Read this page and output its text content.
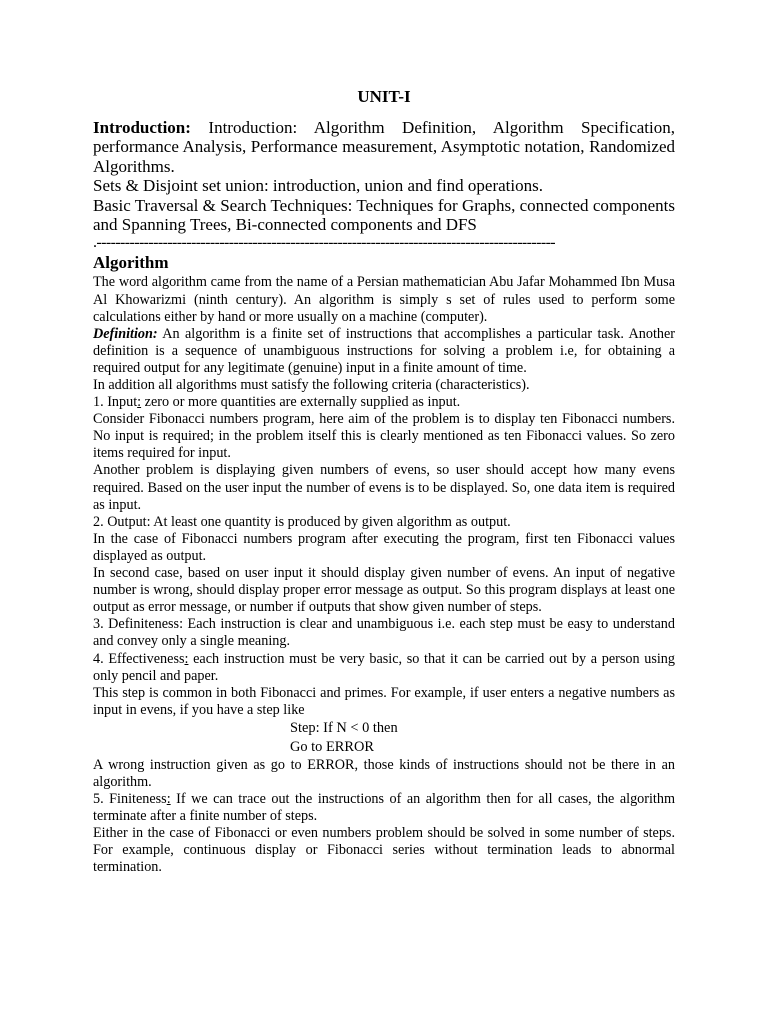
UNIT-I

Introduction: Introduction: Algorithm Definition, Algorithm Specification, performance Analysis, Performance measurement, Asymptotic notation, Randomized Algorithms.

Sets & Disjoint set union: introduction, union and find operations.

Basic Traversal & Search Techniques: Techniques for Graphs, connected components and Spanning Trees, Bi-connected components and DFS

.-------------------------------------------------------------------------------------------------
Algorithm

The word algorithm came from the name of a Persian mathematician Abu Jafar Mohammed Ibn Musa Al Khowarizmi (ninth century). An algorithm is simply s set of rules used to perform some calculations either by hand or more usually on a machine (computer).

Definition: An algorithm is a finite set of instructions that accomplishes a particular task. Another definition is a sequence of unambiguous instructions for solving a problem i.e, for obtaining a required output for any legitimate (genuine) input in a finite amount of time.

In addition all algorithms must satisfy the following criteria (characteristics).

1. Input: zero or more quantities are externally supplied as input.

Consider Fibonacci numbers program, here aim of the problem is to display ten Fibonacci numbers. No input is required; in the problem itself this is clearly mentioned as ten Fibonacci values. So zero items required for input.

Another problem is displaying given numbers of evens, so user should accept how many evens required. Based on the user input the number of evens is to be displayed. So, one data item is required as input.

2. Output: At least one quantity is produced by given algorithm as output.

In the case of Fibonacci numbers program after executing the program, first ten Fibonacci values displayed as output.

In second case, based on user input it should display given number of evens. An input of negative number is wrong, should display proper error message as output. So this program displays at least one output as error message, or number if outputs that show given number of steps.

3. Definiteness: Each instruction is clear and unambiguous i.e. each step must be easy to understand and convey only a single meaning.

4. Effectiveness: each instruction must be very basic, so that it can be carried out by a person using only pencil and paper.

This step is common in both Fibonacci and primes. For example, if user enters a negative numbers as input in evens, if you have a step like

Step: If N < 0 then

Go to ERROR

A wrong instruction given as go to ERROR, those kinds of instructions should not be there in an algorithm.

5. Finiteness: If we can trace out the instructions of an algorithm then for all cases, the algorithm terminate after a finite number of steps.

Either in the case of Fibonacci or even numbers problem should be solved in some number of steps. For example, continuous display or Fibonacci series without termination leads to abnormal termination.
